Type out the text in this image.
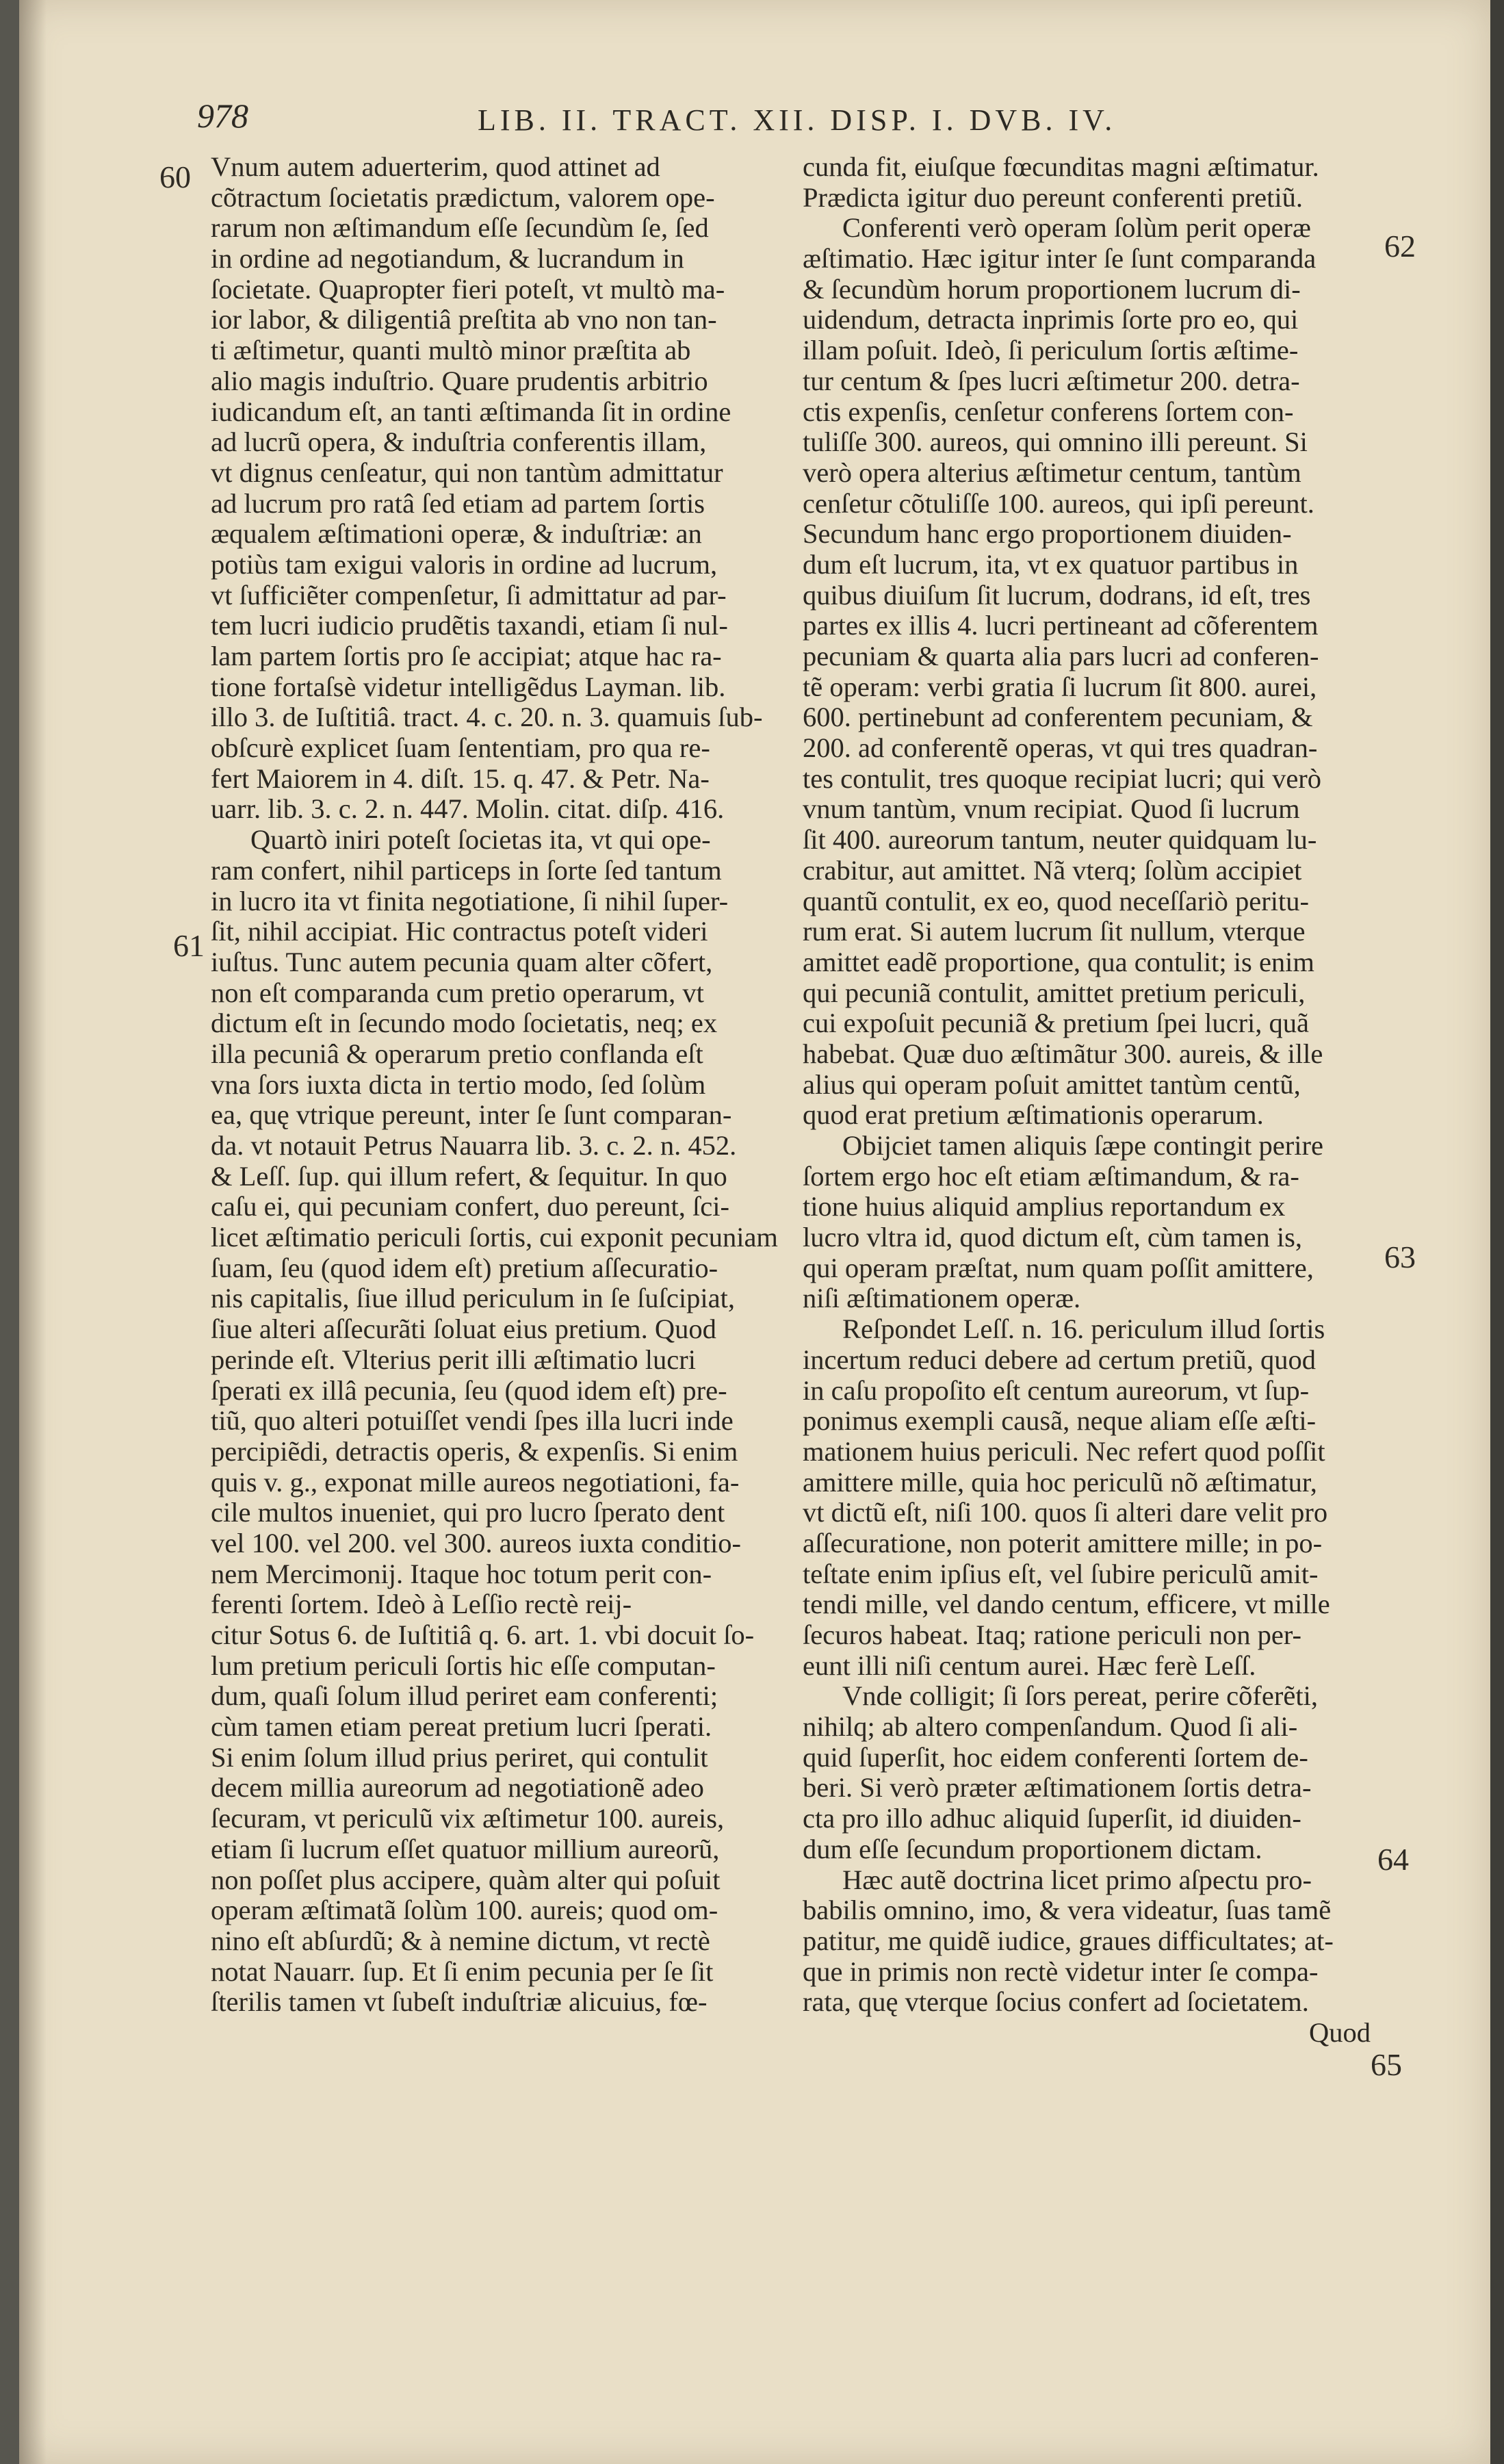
978	LIB. II. TRACT. XII. DISP. I. DVB. IV.
60
61
62
63
64
65
Vnum autem aduerterim, quod attinet ad
cõtractum ſocietatis prædictum, valorem ope-
rarum non æſtimandum eſſe ſecundùm ſe, ſed
in ordine ad negotiandum, & lucrandum in
ſocietate. Quapropter fieri poteſt, vt multò ma-
ior labor, & diligentiâ preſtita ab vno non tan-
ti æſtimetur, quanti multò minor præſtita ab
alio magis induſtrio. Quare prudentis arbitrio
iudicandum eſt, an tanti æſtimanda ſit in ordine
ad lucrũ opera, & induſtria conferentis illam,
vt dignus cenſeatur, qui non tantùm admittatur
ad lucrum pro ratâ ſed etiam ad partem ſortis
æqualem æſtimationi operæ, & induſtriæ: an
potiùs tam exigui valoris in ordine ad lucrum,
vt ſufficiẽter compenſetur, ſi admittatur ad par-
tem lucri iudicio prudẽtis taxandi, etiam ſi nul-
lam partem ſortis pro ſe accipiat; atque hac ra-
tione fortaſsè videtur intelligẽdus Layman. lib.
illo 3. de Iuſtitiâ. tract. 4. c. 20. n. 3. quamuis ſub-
obſcurè explicet ſuam ſententiam, pro qua re-
fert Maiorem in 4. diſt. 15. q. 47. & Petr. Na-
uarr. lib. 3. c. 2. n. 447. Molin. citat. diſp. 416.
Quartò iniri poteſt ſocietas ita, vt qui ope-
ram confert, nihil particeps in ſorte ſed tantum
in lucro ita vt finita negotiatione, ſi nihil ſuper-
ſit, nihil accipiat. Hic contractus poteſt videri
iuſtus. Tunc autem pecunia quam alter cõfert,
non eſt comparanda cum pretio operarum, vt
dictum eſt in ſecundo modo ſocietatis, neq; ex
illa pecuniâ & operarum pretio conflanda eſt
vna ſors iuxta dicta in tertio modo, ſed ſolùm
ea, quę vtrique pereunt, inter ſe ſunt comparan-
da. vt notauit Petrus Nauarra lib. 3. c. 2. n. 452.
& Leſſ. ſup. qui illum refert, & ſequitur. In quo
caſu ei, qui pecuniam confert, duo pereunt, ſci-
licet æſtimatio periculi ſortis, cui exponit pecuniam
ſuam, ſeu (quod idem eſt) pretium aſſecuratio-
nis capitalis, ſiue illud periculum in ſe ſuſcipiat,
ſiue alteri aſſecurãti ſoluat eius pretium. Quod
perinde eſt. Vlterius perit illi æſtimatio lucri
ſperati ex illâ pecunia, ſeu (quod idem eſt) pre-
tiũ, quo alteri potuiſſet vendi ſpes illa lucri inde
percipiẽdi, detractis operis, & expenſis. Si enim
quis v. g., exponat mille aureos negotiationi, fa-
cile multos inueniet, qui pro lucro ſperato dent
vel 100. vel 200. vel 300. aureos iuxta conditio-
nem Mercimonij. Itaque hoc totum perit con-
ferenti ſortem. Ideò à Leſſio rectè reij-
citur Sotus 6. de Iuſtitiâ q. 6. art. 1. vbi docuit ſo-
lum pretium periculi ſortis hic eſſe computan-
dum, quaſi ſolum illud periret eam conferenti;
cùm tamen etiam pereat pretium lucri ſperati.
Si enim ſolum illud prius periret, qui contulit
decem millia aureorum ad negotiationẽ adeo
ſecuram, vt periculũ vix æſtimetur 100. aureis,
etiam ſi lucrum eſſet quatuor millium aureorũ,
non poſſet plus accipere, quàm alter qui poſuit
operam æſtimatã ſolùm 100. aureis; quod om-
nino eſt abſurdũ; & à nemine dictum, vt rectè
notat Nauarr. ſup. Et ſi enim pecunia per ſe ſit
ſterilis tamen vt ſubeſt induſtriæ alicuius, fœ-
cunda fit, eiuſque fœcunditas magni æſtimatur.
Prædicta igitur duo pereunt conferenti pretiũ.
Conferenti verò operam ſolùm perit operæ
æſtimatio. Hæc igitur inter ſe ſunt comparanda
& ſecundùm horum proportionem lucrum di-
uidendum, detracta inprimis ſorte pro eo, qui
illam poſuit. Ideò, ſi periculum ſortis æſtime-
tur centum & ſpes lucri æſtimetur 200. detra-
ctis expenſis, cenſetur conferens ſortem con-
tuliſſe 300. aureos, qui omnino illi pereunt. Si
verò opera alterius æſtimetur centum, tantùm
cenſetur cõtuliſſe 100. aureos, qui ipſi pereunt.
Secundum hanc ergo proportionem diuiden-
dum eſt lucrum, ita, vt ex quatuor partibus in
quibus diuiſum ſit lucrum, dodrans, id eſt, tres
partes ex illis 4. lucri pertineant ad cõferentem
pecuniam & quarta alia pars lucri ad conferen-
tẽ operam: verbi gratia ſi lucrum ſit 800. aurei,
600. pertinebunt ad conferentem pecuniam, &
200. ad conferentẽ operas, vt qui tres quadran-
tes contulit, tres quoque recipiat lucri; qui verò
vnum tantùm, vnum recipiat. Quod ſi lucrum
ſit 400. aureorum tantum, neuter quidquam lu-
crabitur, aut amittet. Nã vterq; ſolùm accipiet
quantũ contulit, ex eo, quod neceſſariò peritu-
rum erat. Si autem lucrum ſit nullum, vterque
amittet eadẽ proportione, qua contulit; is enim
qui pecuniã contulit, amittet pretium periculi,
cui expoſuit pecuniã & pretium ſpei lucri, quã
habebat. Quæ duo æſtimãtur 300. aureis, & ille
alius qui operam poſuit amittet tantùm centũ,
quod erat pretium æſtimationis operarum.
Obijciet tamen aliquis ſæpe contingit perire
ſortem ergo hoc eſt etiam æſtimandum, & ra-
tione huius aliquid amplius reportandum ex
lucro vltra id, quod dictum eſt, cùm tamen is,
qui operam præſtat, num quam poſſit amittere,
niſi æſtimationem operæ.
Reſpondet Leſſ. n. 16. periculum illud ſortis
incertum reduci debere ad certum pretiũ, quod
in caſu propoſito eſt centum aureorum, vt ſup-
ponimus exempli causã, neque aliam eſſe æſti-
mationem huius periculi. Nec refert quod poſſit
amittere mille, quia hoc periculũ nõ æſtimatur,
vt dictũ eſt, niſi 100. quos ſi alteri dare velit pro
aſſecuratione, non poterit amittere mille; in po-
teſtate enim ipſius eſt, vel ſubire periculũ amit-
tendi mille, vel dando centum, efficere, vt mille
ſecuros habeat. Itaq; ratione periculi non per-
eunt illi niſi centum aurei. Hæc ferè Leſſ.
Vnde colligit; ſi ſors pereat, perire cõferẽti,
nihilq; ab altero compenſandum. Quod ſi ali-
quid ſuperſit, hoc eidem conferenti ſortem de-
beri. Si verò præter æſtimationem ſortis detra-
cta pro illo adhuc aliquid ſuperſit, id diuiden-
dum eſſe ſecundum proportionem dictam.
Hæc autẽ doctrina licet primo aſpectu pro-
babilis omnino, imo, & vera videatur, ſuas tamẽ
patitur, me quidẽ iudice, graues difficultates; at-
que in primis non rectè videtur inter ſe compa-
rata, quę vterque ſocius confert ad ſocietatem.
Quod
